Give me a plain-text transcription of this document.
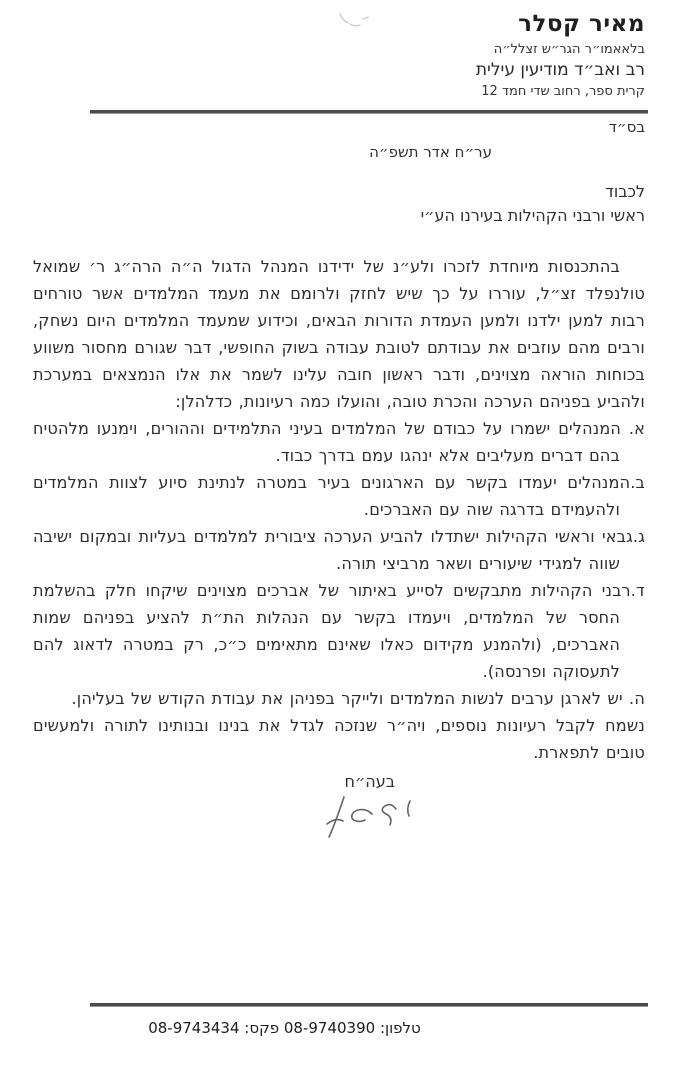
מאיר קסלר
בלאאמו״ר הגר״ש זצלל״ה
רב ואב״ד מודיעין עילית
קרית ספר, רחוב שדי חמד 12
בס״ד
ער״ח אדר תשפ״ה
לכבוד
ראשי ורבני הקהילות בעירנו הע״י

בהתכנסות מיוחדת לזכרו ולע״נ של ידידנו המנהל הדגול ה״ה הרה״ג ר׳ שמואל טולנפלד זצ״ל, עוררו על כך שיש לחזק ולרומם את מעמד המלמדים אשר טורחים רבות למען ילדנו ולמען העמדת הדורות הבאים, וכידוע שמעמד המלמדים היום נשחק, ורבים מהם עוזבים את עבודתם לטובת עבודה בשוק החופשי, דבר שגורם מחסור משווע בכוחות הוראה מצוינים, ודבר ראשון חובה עלינו לשמר את אלו הנמצאים במערכת ולהביע בפניהם הערכה והכרת טובה, והועלו כמה רעיונות, כדלהלן:

א. המנהלים ישמרו על כבודם של המלמדים בעיני התלמידים וההורים, וימנעו מלהטיח בהם דברים מעליבים אלא ינהגו עמם בדרך כבוד.

ב.המנהלים יעמדו בקשר עם הארגונים בעיר במטרה לנתינת סיוע לצוות המלמדים ולהעמידם בדרגה שוה עם האברכים.

ג.גבאי וראשי הקהילות ישתדלו להביע הערכה ציבורית למלמדים בעליות ובמקום ישיבה שווה למגידי שיעורים ושאר מרביצי תורה.

ד.רבני הקהילות מתבקשים לסייע באיתור של אברכים מצוינים שיקחו חלק בהשלמת החסר של המלמדים, ויעמדו בקשר עם הנהלות הת״ת להציע בפניהם שמות האברכים, (ולהמנע מקידום כאלו שאינם מתאימים כ״כ, רק במטרה לדאוג להם לתעסוקה ופרנסה).

ה. יש לארגן ערבים לנשות המלמדים ולייקר בפניהן את עבודת הקודש של בעליהן.

נשמח לקבל רעיונות נוספים, ויה״ר שנזכה לגדל את בנינו ובנותינו לתורה ולמעשים טובים לתפארת.

בעה״ח
טלפון: 08-9740390 פקס: 08-9743434
